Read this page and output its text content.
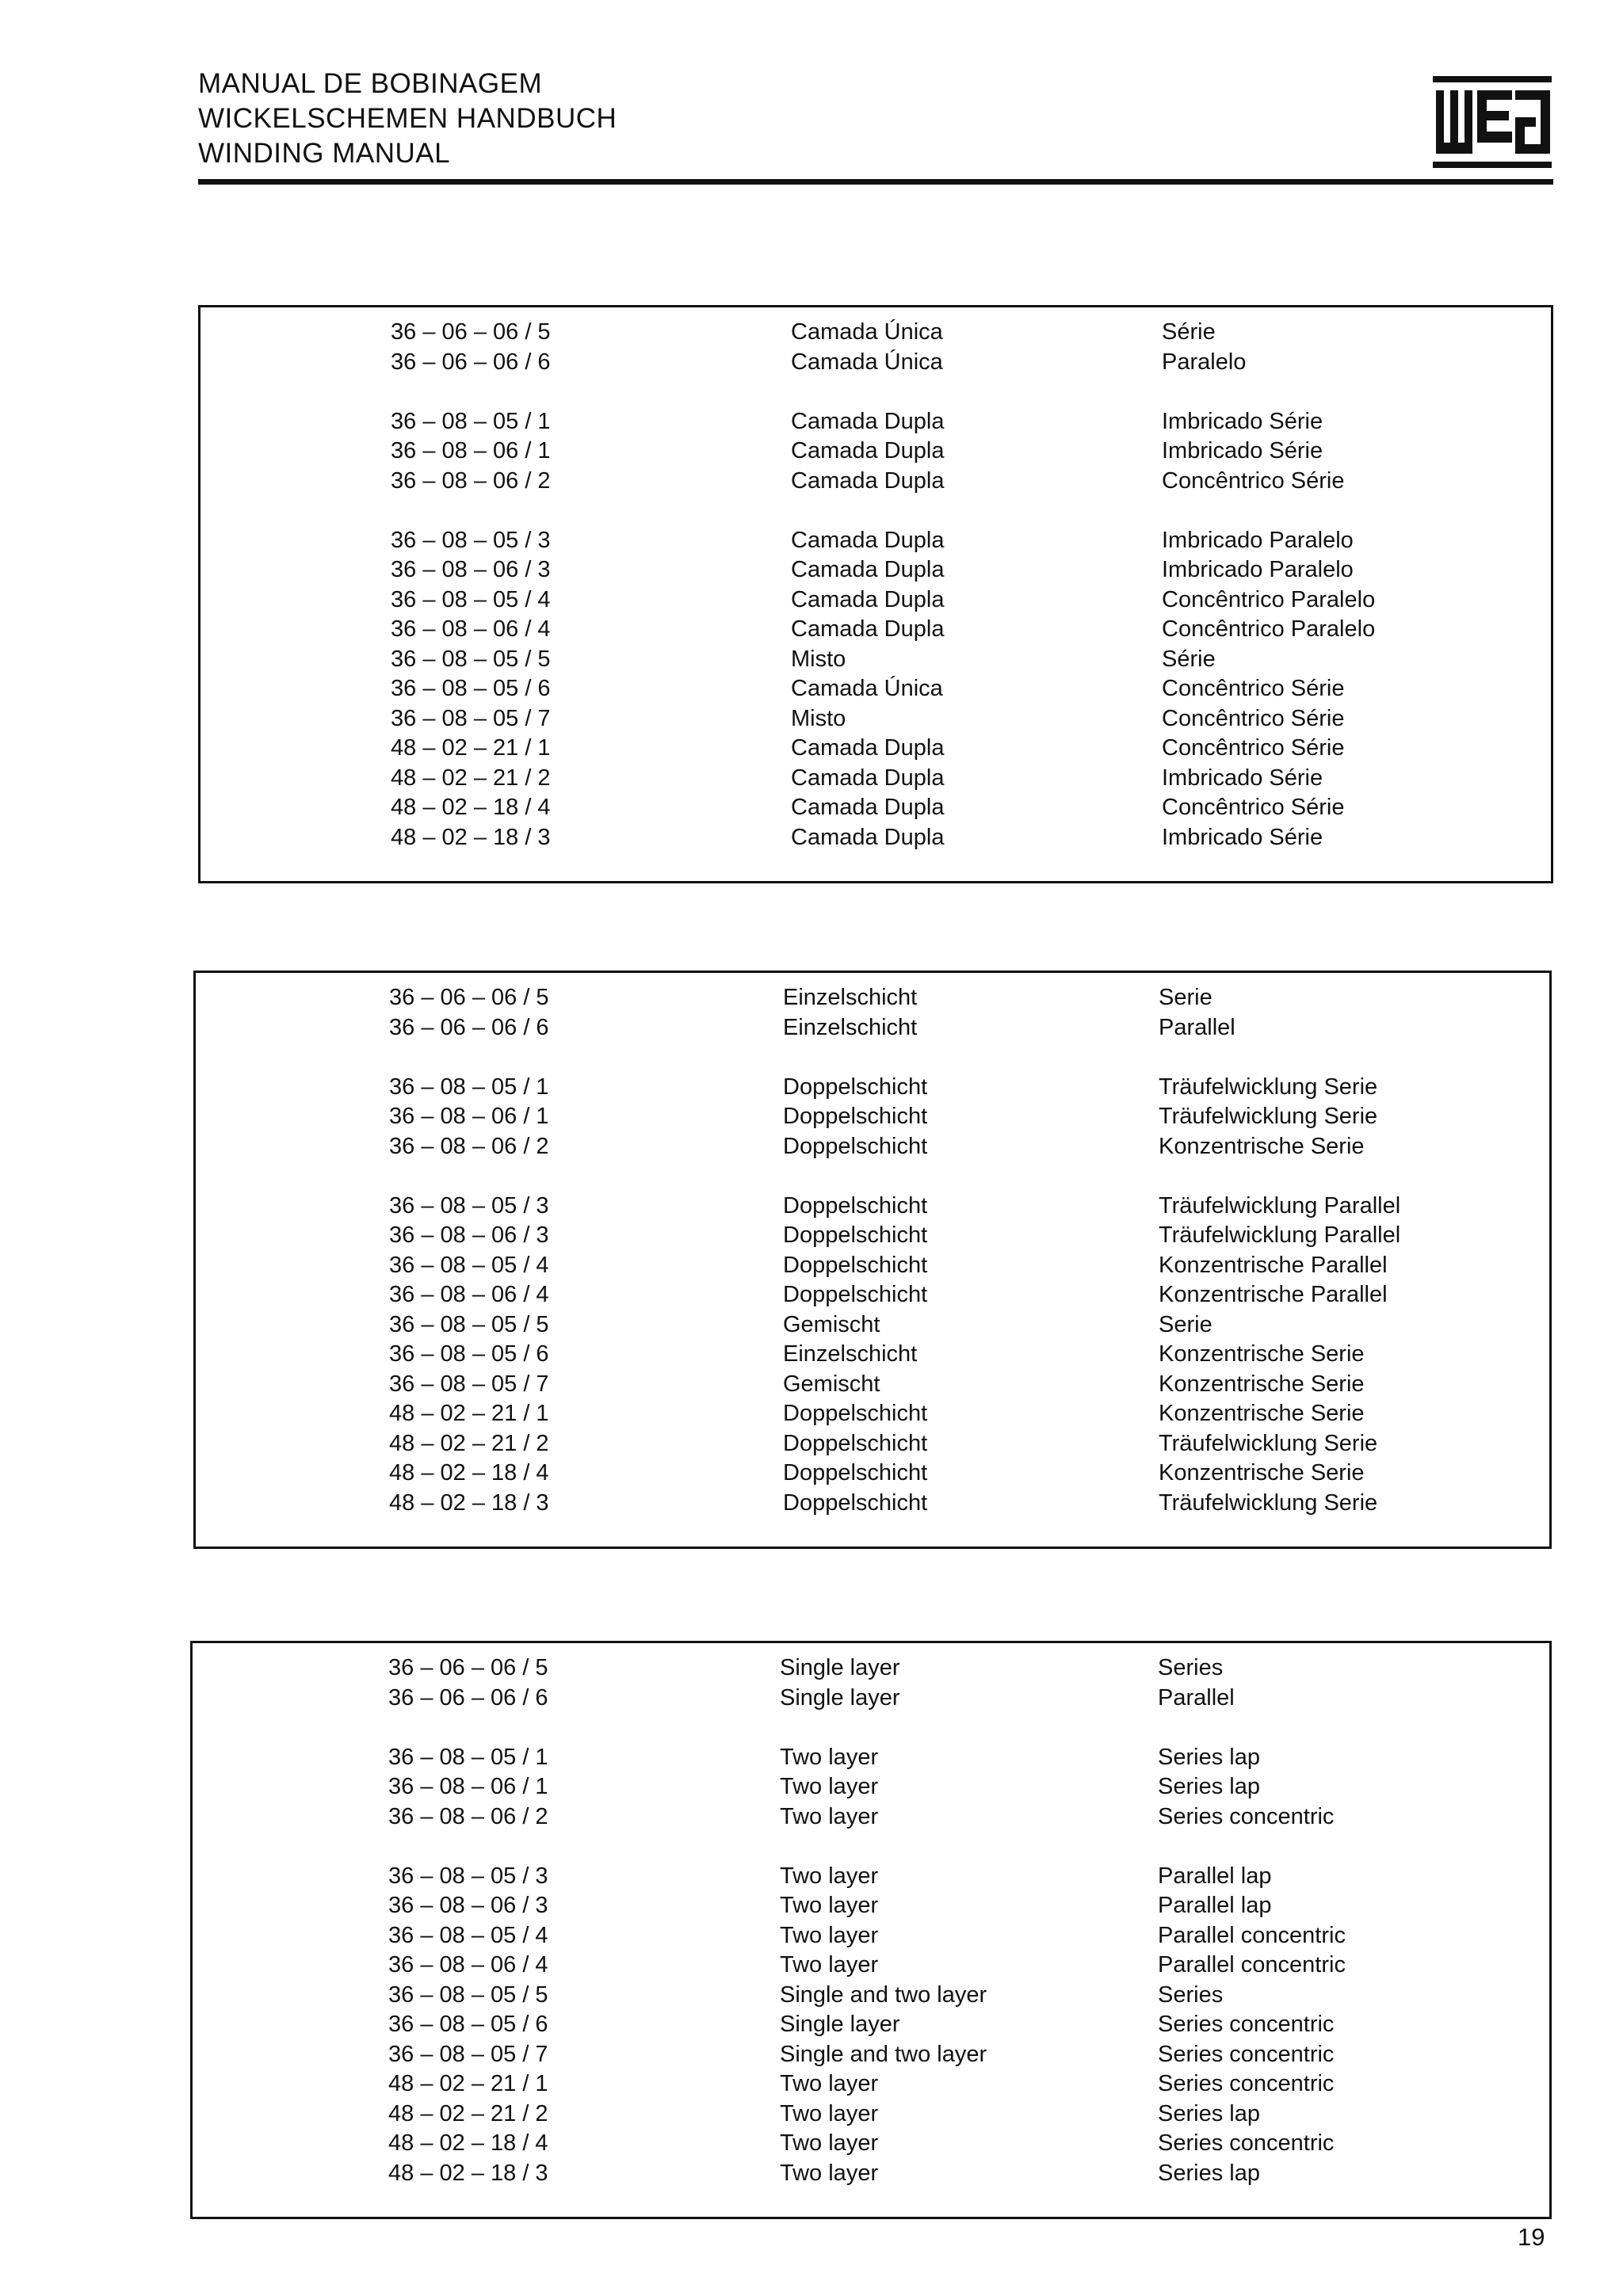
MANUAL DE BOBINAGEM
WICKELSCHEMEN HANDBUCH
WINDING MANUAL
36 – 06 – 06 / 5	Camada Única	Série
36 – 06 – 06 / 6	Camada Única	Paralelo
36 – 08 – 05 / 1	Camada Dupla	Imbricado Série
36 – 08 – 06 / 1	Camada Dupla	Imbricado Série
36 – 08 – 06 / 2	Camada Dupla	Concêntrico Série
36 – 08 – 05 / 3	Camada Dupla	Imbricado Paralelo
36 – 08 – 06 / 3	Camada Dupla	Imbricado Paralelo
36 – 08 – 05 / 4	Camada Dupla	Concêntrico Paralelo
36 – 08 – 06 / 4	Camada Dupla	Concêntrico Paralelo
36 – 08 – 05 / 5	Misto	Série
36 – 08 – 05 / 6	Camada Única	Concêntrico Série
36 – 08 – 05 / 7	Misto	Concêntrico Série
48 – 02 – 21 / 1	Camada Dupla	Concêntrico Série
48 – 02 – 21 / 2	Camada Dupla	Imbricado Série
48 – 02 – 18 / 4	Camada Dupla	Concêntrico Série
48 – 02 – 18 / 3	Camada Dupla	Imbricado Série
36 – 06 – 06 / 5	Einzelschicht	Serie
36 – 06 – 06 / 6	Einzelschicht	Parallel
36 – 08 – 05 / 1	Doppelschicht	Träufelwicklung Serie
36 – 08 – 06 / 1	Doppelschicht	Träufelwicklung Serie
36 – 08 – 06 / 2	Doppelschicht	Konzentrische Serie
36 – 08 – 05 / 3	Doppelschicht	Träufelwicklung Parallel
36 – 08 – 06 / 3	Doppelschicht	Träufelwicklung Parallel
36 – 08 – 05 / 4	Doppelschicht	Konzentrische Parallel
36 – 08 – 06 / 4	Doppelschicht	Konzentrische Parallel
36 – 08 – 05 / 5	Gemischt	Serie
36 – 08 – 05 / 6	Einzelschicht	Konzentrische Serie
36 – 08 – 05 / 7	Gemischt	Konzentrische Serie
48 – 02 – 21 / 1	Doppelschicht	Konzentrische Serie
48 – 02 – 21 / 2	Doppelschicht	Träufelwicklung Serie
48 – 02 – 18 / 4	Doppelschicht	Konzentrische Serie
48 – 02 – 18 / 3	Doppelschicht	Träufelwicklung Serie
36 – 06 – 06 / 5	Single layer	Series
36 – 06 – 06 / 6	Single layer	Parallel
36 – 08 – 05 / 1	Two layer	Series lap
36 – 08 – 06 / 1	Two layer	Series lap
36 – 08 – 06 / 2	Two layer	Series concentric
36 – 08 – 05 / 3	Two layer	Parallel lap
36 – 08 – 06 / 3	Two layer	Parallel lap
36 – 08 – 05 / 4	Two layer	Parallel concentric
36 – 08 – 06 / 4	Two layer	Parallel concentric
36 – 08 – 05 / 5	Single and two layer	Series
36 – 08 – 05 / 6	Single layer	Series concentric
36 – 08 – 05 / 7	Single and two layer	Series concentric
48 – 02 – 21 / 1	Two layer	Series concentric
48 – 02 – 21 / 2	Two layer	Series lap
48 – 02 – 18 / 4	Two layer	Series concentric
48 – 02 – 18 / 3	Two layer	Series lap
19
